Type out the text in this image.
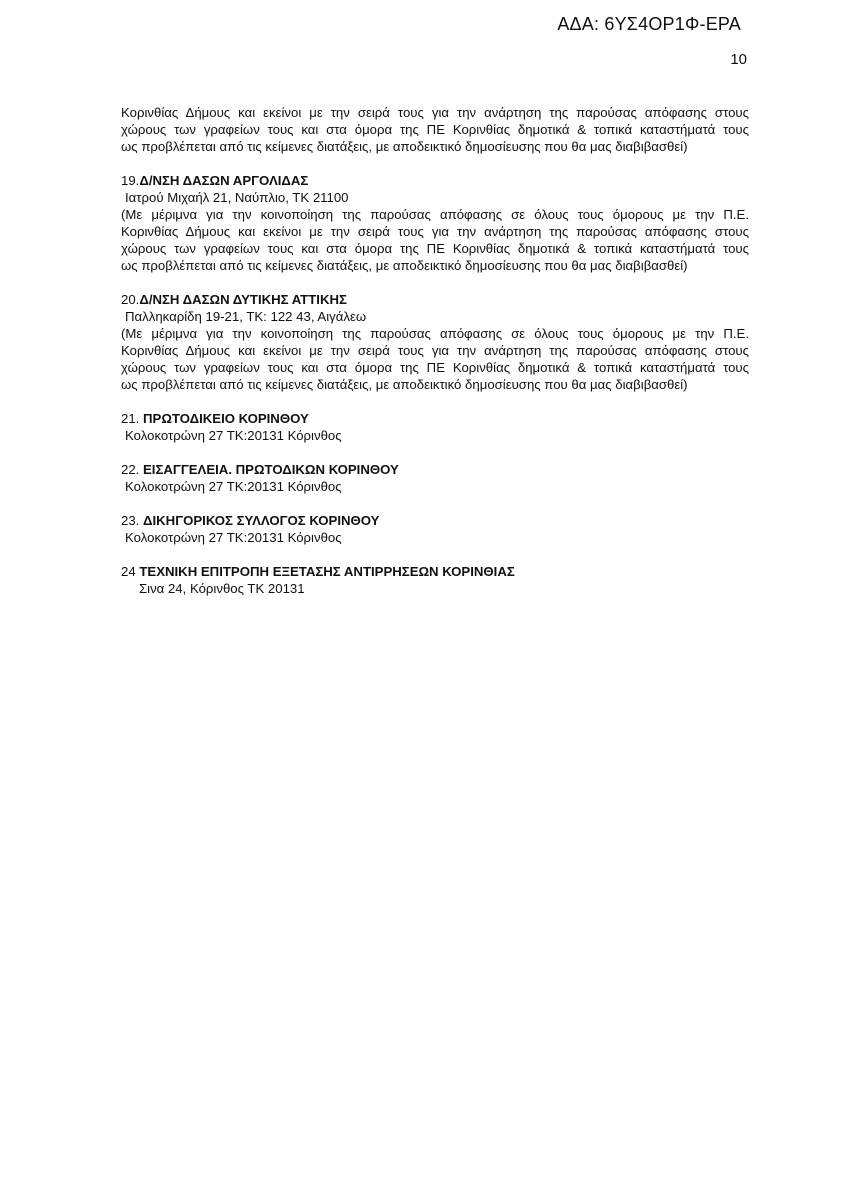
ΑΔΑ: 6ΥΣ4ΟΡ1Φ-ΕΡΑ
10
Κορινθίας Δήμους και εκείνοι με την σειρά τους για την ανάρτηση της παρούσας απόφασης στους
χώρους των γραφείων τους και στα όμορα της ΠΕ Κορινθίας δημοτικά & τοπικά καταστήματά τους
ως προβλέπεται από τις κείμενες διατάξεις, με αποδεικτικό δημοσίευσης που θα μας διαβιβασθεί)
19.Δ/ΝΣΗ ΔΑΣΩΝ ΑΡΓΟΛΙΔΑΣ
Ιατρού Μιχαήλ 21, Ναύπλιο, ΤΚ 21100
(Με μέριμνα για την κοινοποίηση της παρούσας απόφασης σε όλους τους όμορους με την Π.Ε.
Κορινθίας Δήμους και εκείνοι με την σειρά τους για την ανάρτηση της παρούσας απόφασης στους
χώρους των γραφείων τους και στα όμορα της ΠΕ Κορινθίας δημοτικά & τοπικά καταστήματά τους
ως προβλέπεται από τις κείμενες διατάξεις, με αποδεικτικό δημοσίευσης που θα μας διαβιβασθεί)
20.Δ/ΝΣΗ ΔΑΣΩΝ ΔΥΤΙΚΗΣ ΑΤΤΙΚΗΣ
Παλληκαρίδη 19-21, ΤΚ: 122 43, Αιγάλεω
(Με μέριμνα για την κοινοποίηση της παρούσας απόφασης σε όλους τους όμορους με την Π.Ε.
Κορινθίας Δήμους και εκείνοι με την σειρά τους για την ανάρτηση της παρούσας απόφασης στους
χώρους των γραφείων τους και στα όμορα της ΠΕ Κορινθίας δημοτικά & τοπικά καταστήματά τους
ως προβλέπεται από τις κείμενες διατάξεις, με αποδεικτικό δημοσίευσης που θα μας διαβιβασθεί)
21. ΠΡΩΤΟΔΙΚΕΙΟ ΚΟΡΙΝΘΟΥ
Κολοκοτρώνη 27 ΤΚ:20131 Κόρινθος
22. ΕΙΣΑΓΓΕΛΕΙΑ. ΠΡΩΤΟΔΙΚΩΝ ΚΟΡΙΝΘΟΥ
Κολοκοτρώνη 27 ΤΚ:20131 Κόρινθος
23. ΔΙΚΗΓΟΡΙΚΟΣ ΣΥΛΛΟΓΟΣ ΚΟΡΙΝΘΟΥ
Κολοκοτρώνη 27 ΤΚ:20131 Κόρινθος
24 ΤΕΧΝΙΚΗ ΕΠΙΤΡΟΠΗ ΕΞΕΤΑΣΗΣ ΑΝΤΙΡΡΗΣΕΩΝ ΚΟΡΙΝΘΙΑΣ
Σινα 24, Κόρινθος ΤΚ 20131
